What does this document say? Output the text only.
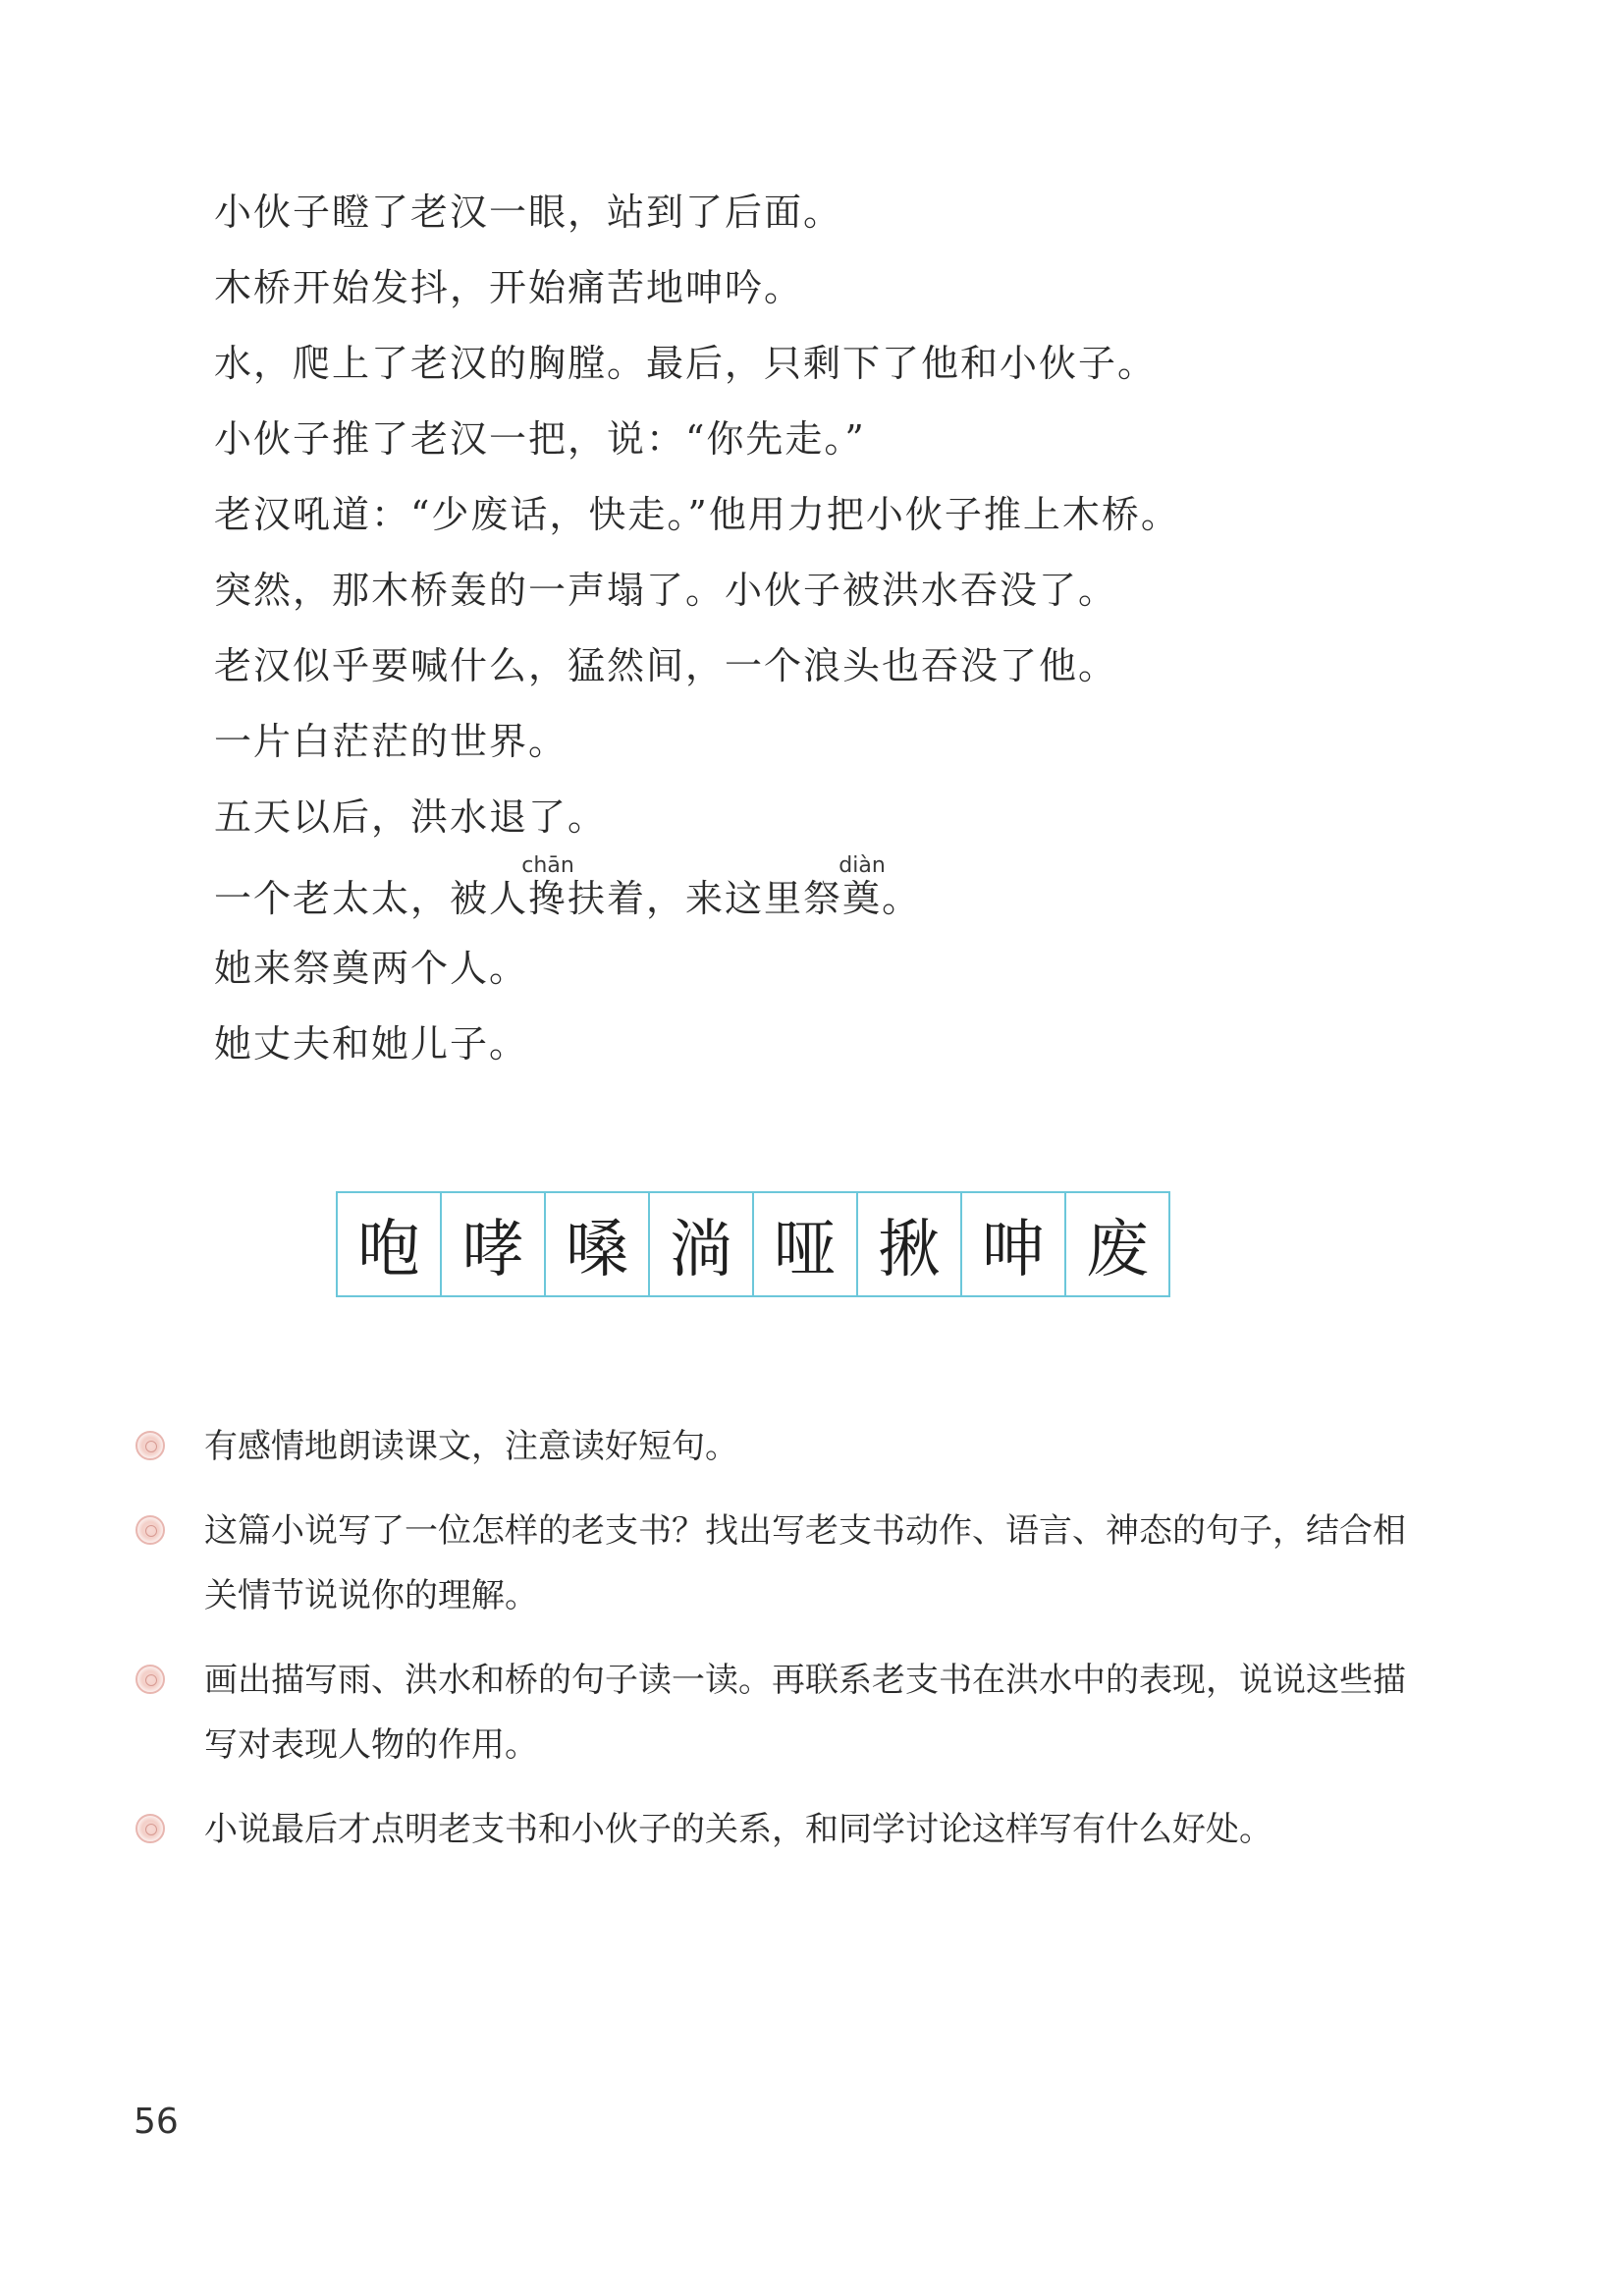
小伙子瞪了老汉一眼，站到了后面。
木桥开始发抖，开始痛苦地呻吟。
水，爬上了老汉的胸膛。最后，只剩下了他和小伙子。
小伙子推了老汉一把，说：“你先走。”
老汉吼道：“少废话，快走。”他用力把小伙子推上木桥。
突然，那木桥轰的一声塌了。小伙子被洪水吞没了。
老汉似乎要喊什么，猛然间，一个浪头也吞没了他。
一片白茫茫的世界。
五天以后，洪水退了。
一个老太太，被人搀chān扶着，来这里祭奠diàn。
她来祭奠两个人。
她丈夫和她儿子。
咆 哮 嗓 淌 哑 揪 呻 废
有感情地朗读课文，注意读好短句。
这篇小说写了一位怎样的老支书？找出写老支书动作、语言、神态的句子，结合相关情节说说你的理解。
画出描写雨、洪水和桥的句子读一读。再联系老支书在洪水中的表现，说说这些描写对表现人物的作用。
小说最后才点明老支书和小伙子的关系，和同学讨论这样写有什么好处。
56
